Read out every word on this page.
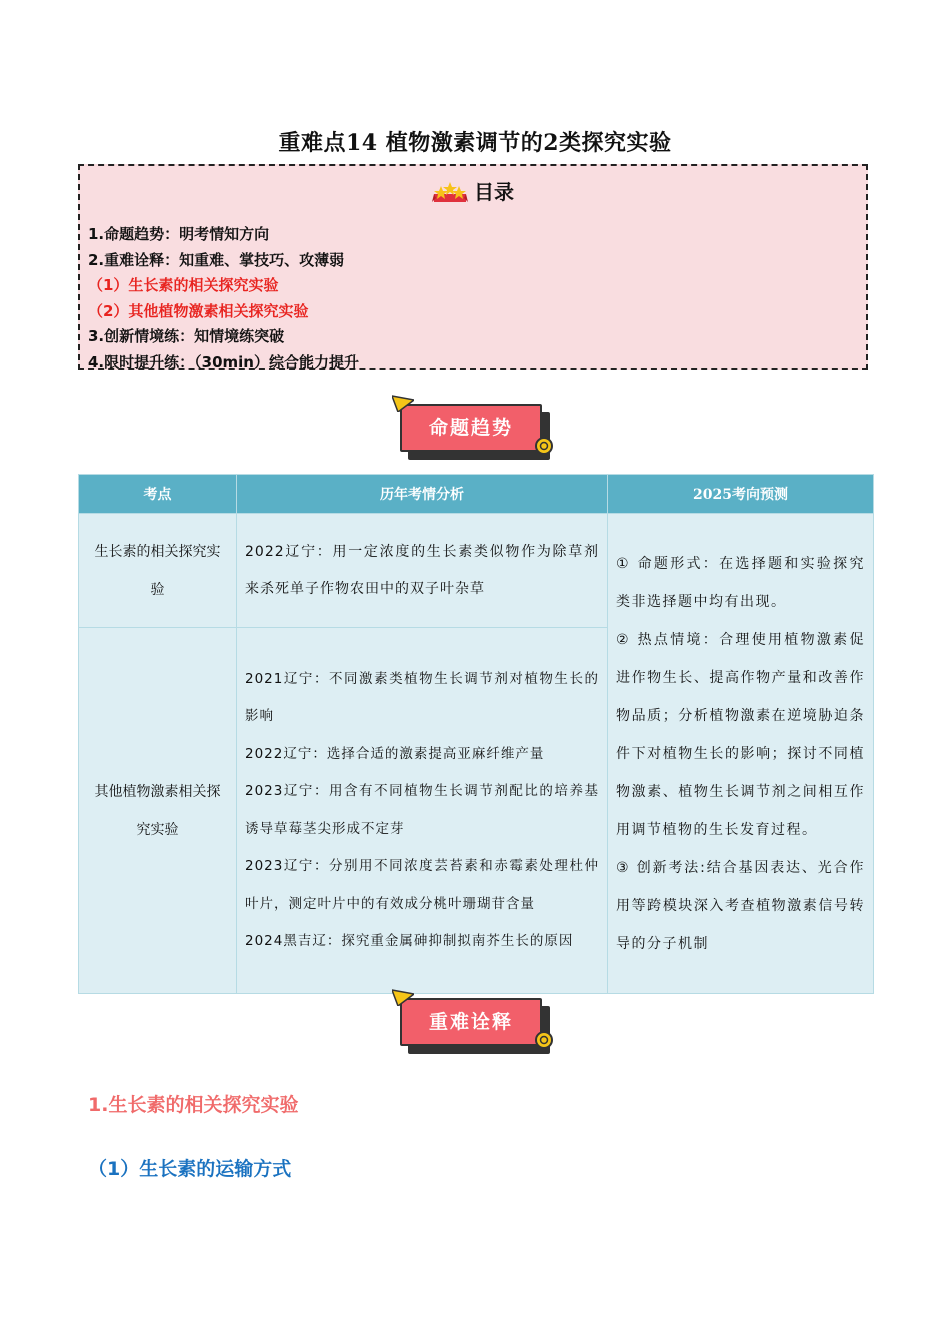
重难点14 植物激素调节的2类探究实验
目录
1.命题趋势：明考情知方向
2.重难诠释：知重难、掌技巧、攻薄弱
（1）生长素的相关探究实验
（2）其他植物激素相关探究实验
3.创新情境练：知情境练突破
4.限时提升练：（30min）综合能力提升
命题趋势
考点	历年考情分析	2025考向预测
生长素的相关探究实验	2022辽宁：用一定浓度的生长素类似物作为除草剂来杀死单子作物农田中的双子叶杂草	① 命题形式：在选择题和实验探究类非选择题中均有出现。
② 热点情境：合理使用植物激素促进作物生长、提高作物产量和改善作物品质；分析植物激素在逆境胁迫条件下对植物生长的影响；探讨不同植物激素、植物生长调节剂之间相互作用调节植物的生长发育过程。
③ 创新考法:结合基因表达、光合作用等跨模块深入考查植物激素信号转导的分子机制

其他植物激素相关探究实验	2021辽宁：不同激素类植物生长调节剂对植物生长的影响
2022辽宁：选择合适的激素提高亚麻纤维产量
2023辽宁：用含有不同植物生长调节剂配比的培养基诱导草莓茎尖形成不定芽
2023辽宁：分别用不同浓度芸苔素和赤霉素处理杜仲叶片，测定叶片中的有效成分桃叶珊瑚苷含量
2024黑吉辽：探究重金属砷抑制拟南芥生长的原因	
重难诠释
1.生长素的相关探究实验
（1）生长素的运输方式
